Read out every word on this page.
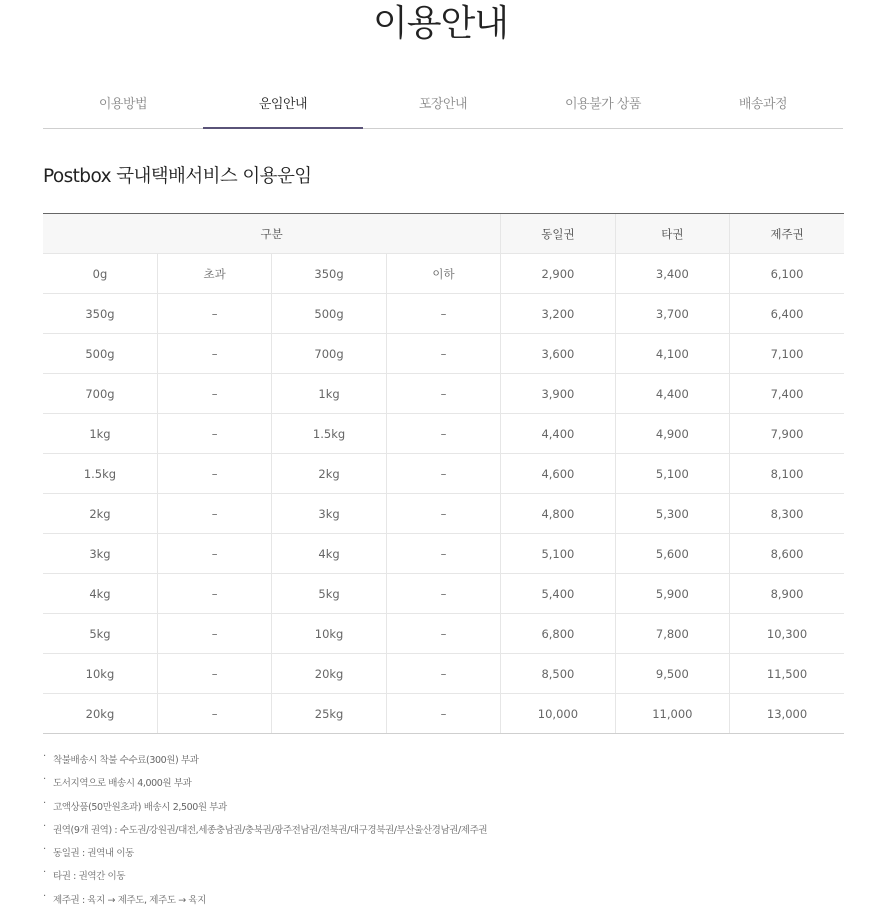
이용안내
이용방법	운임안내	포장안내	이용불가 상품	배송과정
Postbox 국내택배서비스 이용운임
구분				동일권	타권	제주권
0g	초과	350g	이하	2,900	3,400	6,100
350g	–	500g	–	3,200	3,700	6,400
500g	–	700g	–	3,600	4,100	7,100
700g	–	1kg	–	3,900	4,400	7,400
1kg	–	1.5kg	–	4,400	4,900	7,900
1.5kg	–	2kg	–	4,600	5,100	8,100
2kg	–	3kg	–	4,800	5,300	8,300
3kg	–	4kg	–	5,100	5,600	8,600
4kg	–	5kg	–	5,400	5,900	8,900
5kg	–	10kg	–	6,800	7,800	10,300
10kg	–	20kg	–	8,500	9,500	11,500
20kg	–	25kg	–	10,000	11,000	13,000
· 착불배송시 착불 수수료(300원) 부과
· 도서지역으로 배송시 4,000원 부과
· 고액상품(50만원초과) 배송시 2,500원 부과
· 권역(9개 권역) : 수도권/강원권/대전,세종충남권/충북권/광주전남권/전북권/대구경북권/부산울산경남권/제주권
· 동일권 : 권역내 이동
· 타권 : 권역간 이동
· 제주권 : 육지 → 제주도, 제주도 → 육지
